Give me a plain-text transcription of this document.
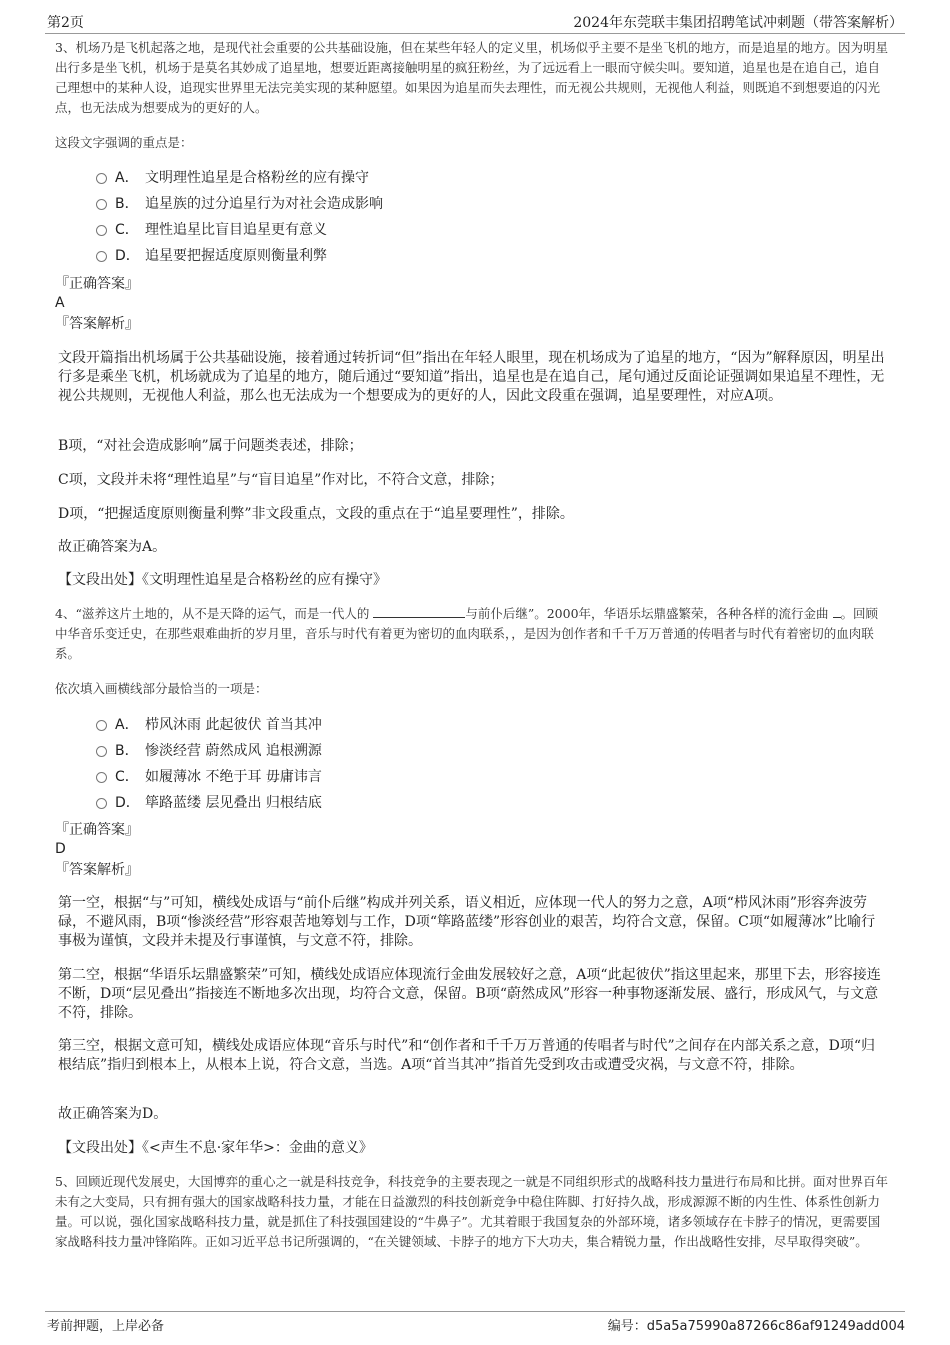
第2页	2024年东莞联丰集团招聘笔试冲刺题（带答案解析）
3、机场乃是飞机起落之地，是现代社会重要的公共基础设施，但在某些年轻人的定义里，机场似乎主要不是坐飞机的地方，而是追星的地方。因为明星出行多是坐飞机，机场于是莫名其妙成了追星地，想要近距离接触明星的疯狂粉丝，为了远远看上一眼而守候尖叫。要知道，追星也是在追自己，追自己理想中的某种人设，追现实世界里无法完美实现的某种愿望。如果因为追星而失去理性，而无视公共规则，无视他人利益，则既追不到想要追的闪光点，也无法成为想要成为的更好的人。
这段文字强调的重点是：
A． 文明理性追星是合格粉丝的应有操守
B． 追星族的过分追星行为对社会造成影响
C． 理性追星比盲目追星更有意义
D． 追星要把握适度原则衡量利弊
『正确答案』
A
『答案解析』
文段开篇指出机场属于公共基础设施，接着通过转折词“但”指出在年轻人眼里，现在机场成为了追星的地方，“因为”解释原因，明星出行多是乘坐飞机，机场就成为了追星的地方，随后通过“要知道”指出，追星也是在追自己，尾句通过反面论证强调如果追星不理性，无视公共规则，无视他人利益，那么也无法成为一个想要成为的更好的人，因此文段重在强调，追星要理性，对应A项。
B项，“对社会造成影响”属于问题类表述，排除；
C项，文段并未将“理性追星”与“盲目追星”作对比，不符合文意，排除；
D项，“把握适度原则衡量利弊”非文段重点，文段的重点在于“追星要理性”，排除。
故正确答案为A。
【文段出处】《文明理性追星是合格粉丝的应有操守》
4、“滋养这片土地的，从不是天降的运气，而是一代人的	与前仆后继”。2000年，华语乐坛鼎盛繁荣，各种各样的流行金曲 。回顾中华音乐变迁史，在那些艰难曲折的岁月里，音乐与时代有着更为密切的血肉联系，，是因为创作者和千千万万普通的传唱者与时代有着密切的血肉联系。
依次填入画横线部分最恰当的一项是：
A． 栉风沐雨 此起彼伏 首当其冲
B． 惨淡经营 蔚然成风 追根溯源
C． 如履薄冰 不绝于耳 毋庸讳言
D． 筚路蓝缕 层见叠出 归根结底
『正确答案』
D
『答案解析』
第一空，根据“与”可知，横线处成语与“前仆后继”构成并列关系，语义相近，应体现一代人的努力之意，A项“栉风沐雨”形容奔波劳碌，不避风雨，B项“惨淡经营”形容艰苦地筹划与工作，D项“筚路蓝缕”形容创业的艰苦，均符合文意，保留。C项“如履薄冰”比喻行事极为谨慎，文段并未提及行事谨慎，与文意不符，排除。
第二空，根据“华语乐坛鼎盛繁荣”可知，横线处成语应体现流行金曲发展较好之意，A项“此起彼伏”指这里起来，那里下去，形容接连不断，D项“层见叠出”指接连不断地多次出现，均符合文意，保留。B项“蔚然成风”形容一种事物逐渐发展、盛行，形成风气，与文意不符，排除。
第三空，根据文意可知，横线处成语应体现“音乐与时代”和“创作者和千千万万普通的传唱者与时代”之间存在内部关系之意，D项“归根结底”指归到根本上，从根本上说，符合文意，当选。A项“首当其冲”指首先受到攻击或遭受灾祸，与文意不符，排除。
故正确答案为D。
【文段出处】《<声生不息·家年华>：金曲的意义》
5、回顾近现代发展史，大国博弈的重心之一就是科技竞争，科技竞争的主要表现之一就是不同组织形式的战略科技力量进行布局和比拼。面对世界百年未有之大变局，只有拥有强大的国家战略科技力量，才能在日益激烈的科技创新竞争中稳住阵脚、打好持久战，形成源源不断的内生性、体系性创新力量。可以说，强化国家战略科技力量，就是抓住了科技强国建设的“牛鼻子”。尤其着眼于我国复杂的外部环境，诸多领域存在卡脖子的情况，更需要国家战略科技力量冲锋陷阵。正如习近平总书记所强调的，“在关键领域、卡脖子的地方下大功夫，集合精锐力量，作出战略性安排，尽早取得突破”。
考前押题，上岸必备	编号：d5a5a75990a87266c86af91249add004
